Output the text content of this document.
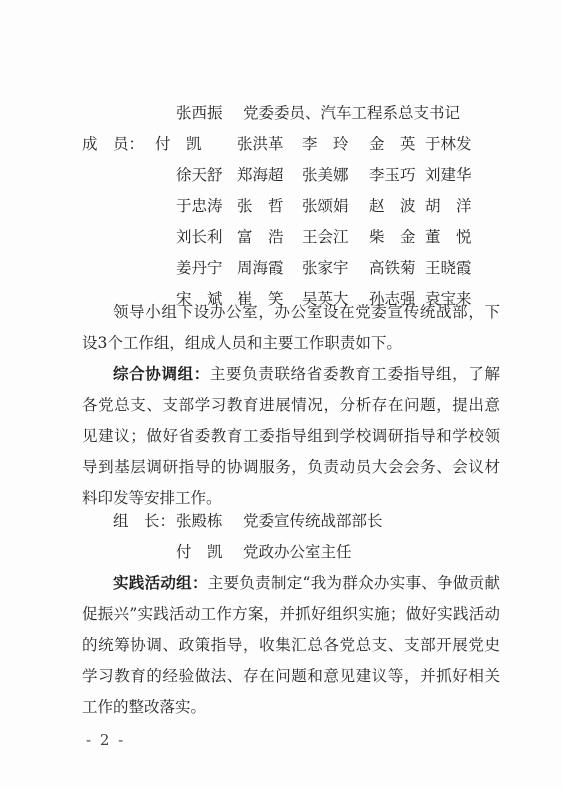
张西振 党委委员、汽车工程系总支书记
成　员： 付　凯 张洪革 李　玲 金　英 于林发
徐天舒 郑海超 张美娜 李玉巧 刘建华
于忠涛 张　哲 张颂娟 赵　波 胡　洋
刘长利 富　浩 王会江 柴　金 董　悦
姜丹宁 周海霞 张家宇 高铁菊 王晓霞
宋　斌 崔　笑 吴英大 孙志强 袁宝来
领导小组下设办公室，办公室设在党委宣传统战部，下设3个工作组，组成人员和主要工作职责如下。
综合协调组：主要负责联络省委教育工委指导组，了解各党总支、支部学习教育进展情况，分析存在问题，提出意见建议；做好省委教育工委指导组到学校调研指导和学校领导到基层调研指导的协调服务，负责动员大会会务、会议材料印发等安排工作。
组　长： 张殿栋 党委宣传统战部部长
付　凯 党政办公室主任
实践活动组：主要负责制定“我为群众办实事、争做贡献促振兴”实践活动工作方案，并抓好组织实施；做好实践活动的统筹协调、政策指导，收集汇总各党总支、支部开展党史学习教育的经验做法、存在问题和意见建议等，并抓好相关工作的整改落实。
- 2 -
